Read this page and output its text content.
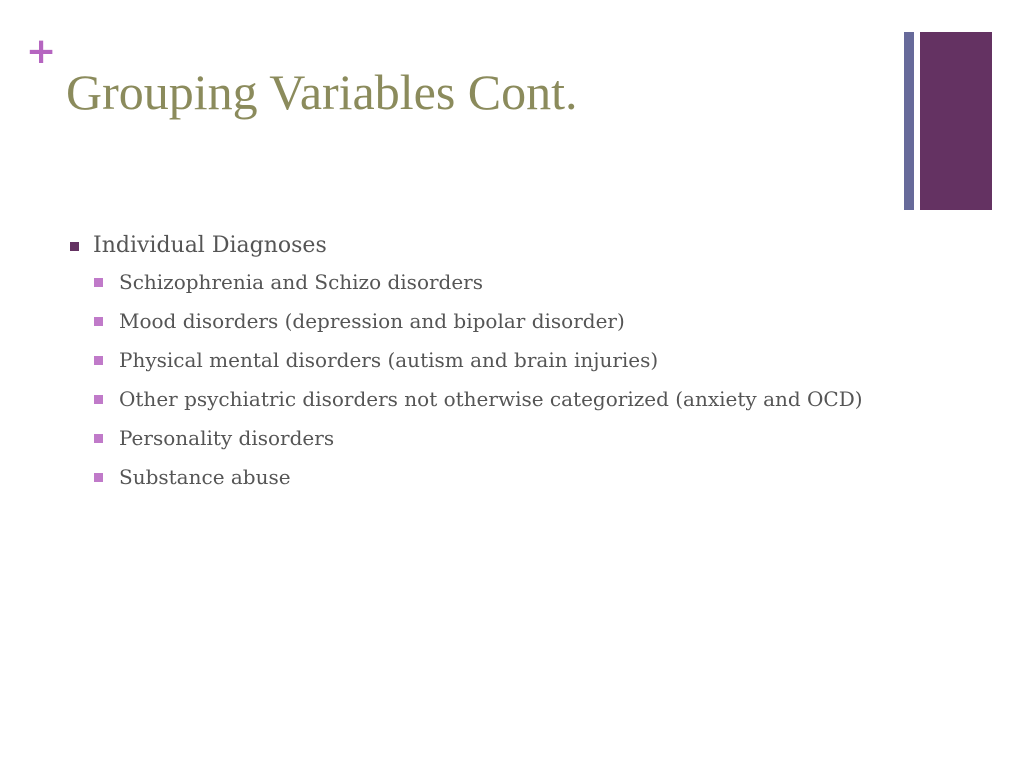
+
Grouping Variables Cont.
Individual Diagnoses
Schizophrenia and Schizo disorders
Mood disorders (depression and bipolar disorder)
Physical mental disorders (autism and brain injuries)
Other psychiatric disorders not otherwise categorized (anxiety and OCD)
Personality disorders
Substance abuse
